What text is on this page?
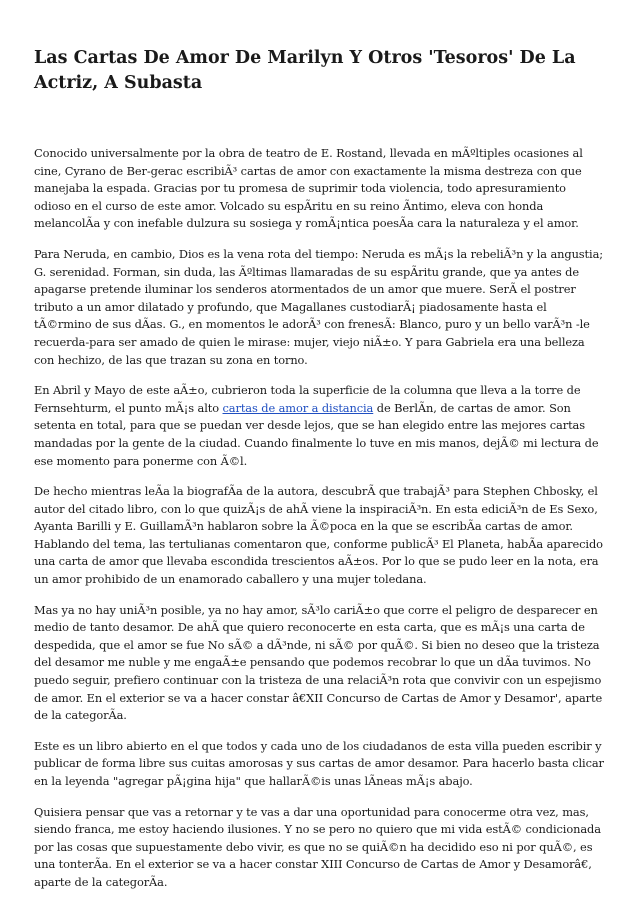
Las Cartas De Amor De Marilyn Y Otros 'Tesoros' De La Actriz, A Subasta

Conocido universalmente por la obra de teatro de E. Rostand, llevada en mÃºltiples ocasiones al cine, Cyrano de Ber-gerac escribiÃ³ cartas de amor con exactamente la misma destreza con que manejaba la espada. Gracias por tu promesa de suprimir toda violencia, todo apresuramiento odioso en el curso de este amor. Volcado su espÃritu en su reino Ãntimo, eleva con honda melancolÃa y con inefable dulzura su sosiega y romÃ¡ntica poesÃa cara la naturaleza y el amor.

Para Neruda, en cambio, Dios es la vena rota del tiempo: Neruda es mÃ¡s la rebeliÃ³n y la angustia; G. serenidad. Forman, sin duda, las Ãºltimas llamaradas de su espÃritu grande, que ya antes de apagarse pretende iluminar los senderos atormentados de un amor que muere. SerÃ el postrer tributo a un amor dilatado y profundo, que Magallanes custodiarÃ¡ piadosamente hasta el tÃ©rmino de sus dÃas. G., en momentos le adorÃ³ con frenesÃ: Blanco, puro y un bello varÃ³n -le recuerda-para ser amado de quien le mirase: mujer, viejo niÃ±o. Y para Gabriela era una belleza con hechizo, de las que trazan su zona en torno.

En Abril y Mayo de este aÃ±o, cubrieron toda la superficie de la columna que lleva a la torre de Fernsehturm, el punto mÃ¡s alto cartas de amor a distancia de BerlÃn, de cartas de amor. Son setenta en total, para que se puedan ver desde lejos, que se han elegido entre las mejores cartas mandadas por la gente de la ciudad. Cuando finalmente lo tuve en mis manos, dejÃ© mi lectura de ese momento para ponerme con Ã©l.

De hecho mientras leÃa la biografÃa de la autora, descubrÃ que trabajÃ³ para Stephen Chbosky, el autor del citado libro, con lo que quizÃ¡s de ahÃ viene la inspiraciÃ³n. En esta ediciÃ³n de Es Sexo, Ayanta Barilli y E. GuillamÃ³n hablaron sobre la Ã©poca en la que se escribÃa cartas de amor. Hablando del tema, las tertulianas comentaron que, conforme publicÃ³ El Planeta, habÃa aparecido una carta de amor que llevaba escondida trescientos aÃ±os. Por lo que se pudo leer en la nota, era un amor prohibido de un enamorado caballero y una mujer toledana.

Mas ya no hay uniÃ³n posible, ya no hay amor, sÃ³lo cariÃ±o que corre el peligro de desparecer en medio de tanto desamor. De ahÃ que quiero reconocerte en esta carta, que es mÃ¡s una carta de despedida, que el amor se fue No sÃ© a dÃ³nde, ni sÃ© por quÃ©. Si bien no deseo que la tristeza del desamor me nuble y me engaÃ±e pensando que podemos recobrar lo que un dÃa tuvimos. No puedo seguir, prefiero continuar con la tristeza de una relaciÃ³n rota que convivir con un espejismo de amor. En el exterior se va a hacer constar â€XII Concurso de Cartas de Amor y Desamor', aparte de la categorÃa.

Este es un libro abierto en el que todos y cada uno de los ciudadanos de esta villa pueden escribir y publicar de forma libre sus cuitas amorosas y sus cartas de amor desamor. Para hacerlo basta clicar en la leyenda "agregar pÃ¡gina hija" que hallarÃ©is unas lÃneas mÃ¡s abajo.

Quisiera pensar que vas a retornar y te vas a dar una oportunidad para conocerme otra vez, mas, siendo franca, me estoy haciendo ilusiones. Y no se pero no quiero que mi vida estÃ© condicionada por las cosas que supuestamente debo vivir, es que no se quiÃ©n ha decidido eso ni por quÃ©, es una tonterÃa. En el exterior se va a hacer constar XIII Concurso de Cartas de Amor y Desamorâ€, aparte de la categorÃa.
